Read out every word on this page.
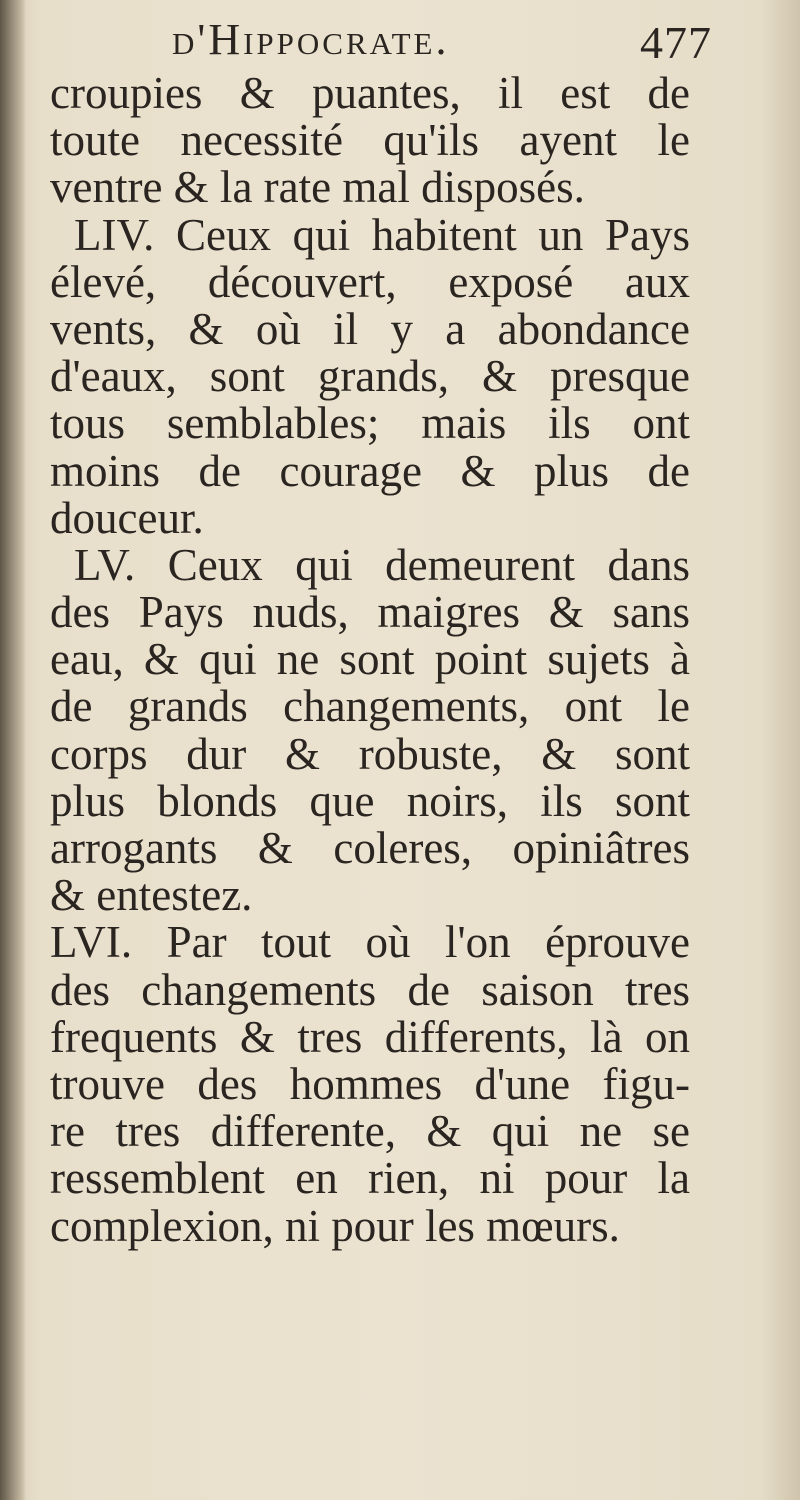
d'Hippocrate.	477
croupies & puantes, il est de
toute necessité qu'ils ayent le
ventre & la rate mal disposés.
LIV. Ceux qui habitent un Pays
élevé, découvert, exposé aux
vents, & où il y a abondance
d'eaux, sont grands, & presque
tous semblables; mais ils ont
moins de courage & plus de
douceur.
LV. Ceux qui demeurent dans
des Pays nuds, maigres & sans
eau, & qui ne sont point sujets à
de grands changements, ont le
corps dur & robuste, & sont
plus blonds que noirs, ils sont
arrogants & coleres, opiniâtres
& entestez.
LVI. Par tout où l'on éprouve
des changements de saison tres
frequents & tres differents, là on
trouve des hommes d'une figu-
re tres differente, & qui ne se
ressemblent en rien, ni pour la
complexion, ni pour les mœurs.
